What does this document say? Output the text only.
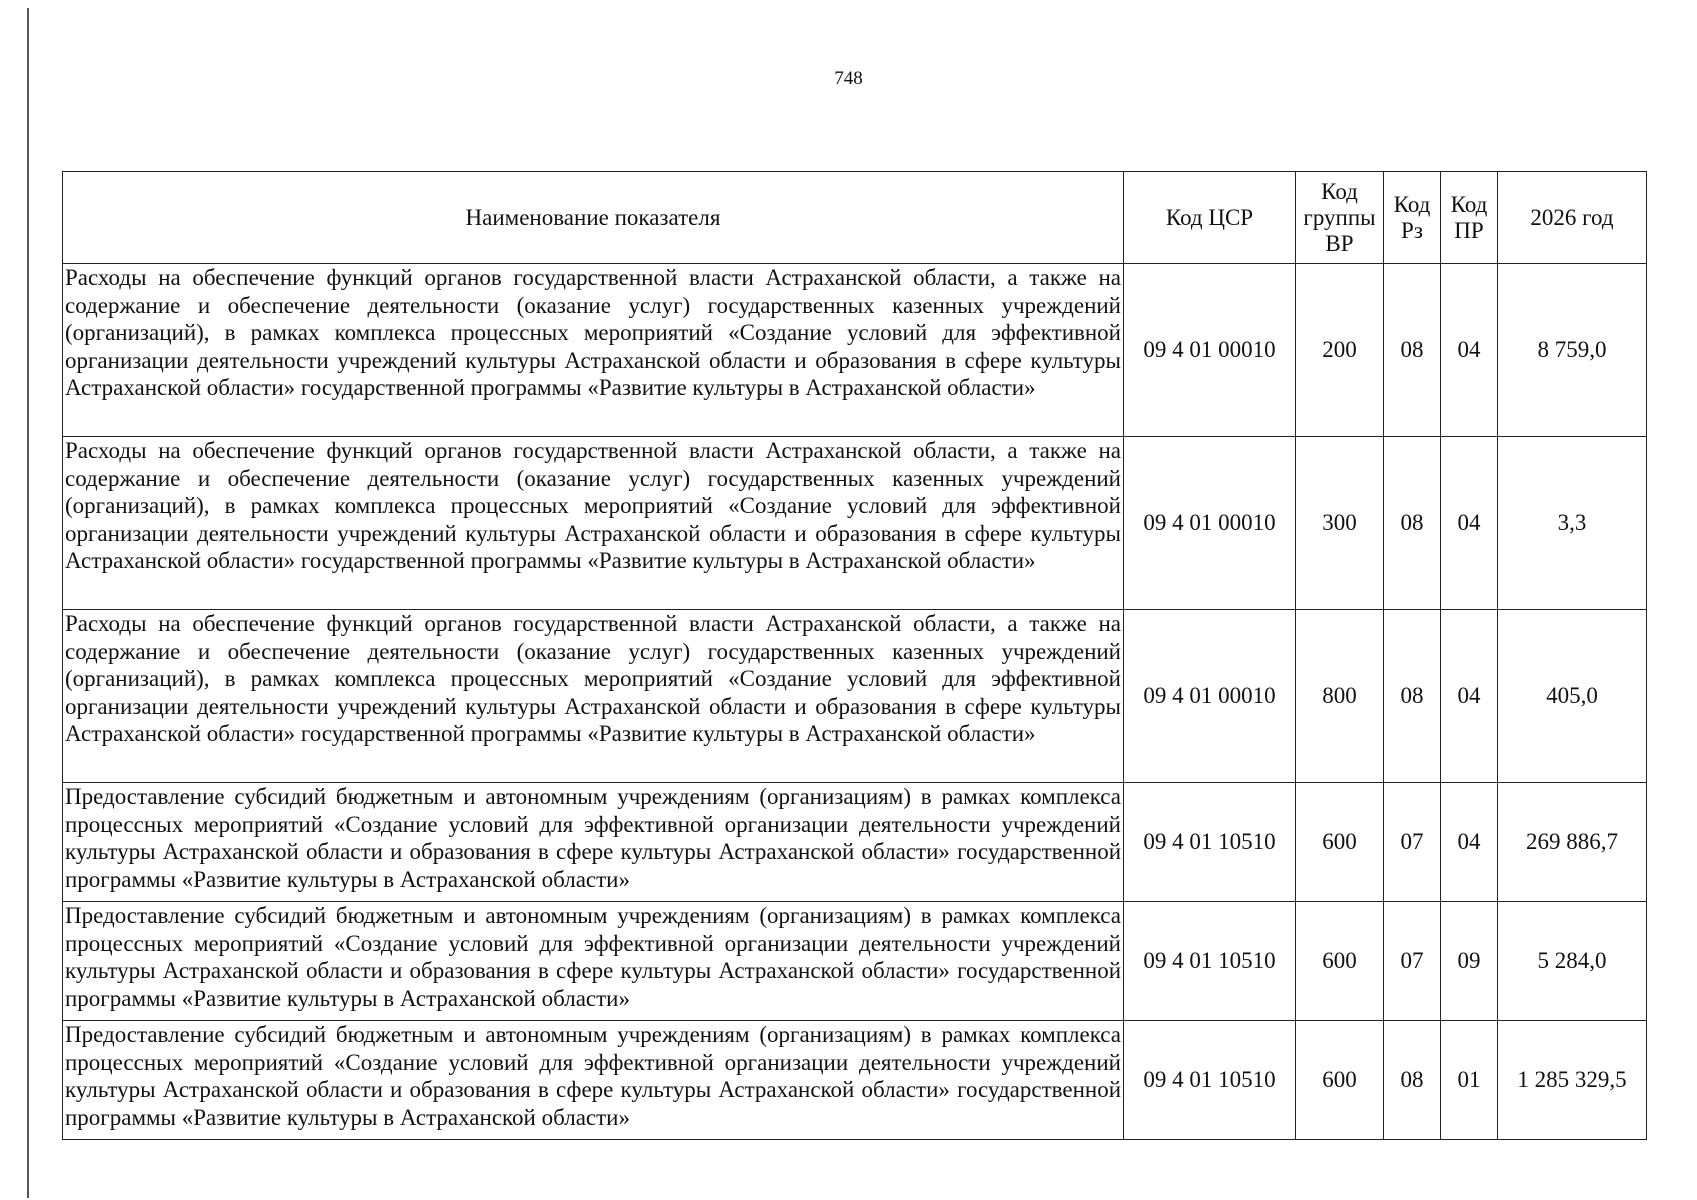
748
Наименование показателя	Код ЦСР	Код группы ВР	Код Рз	Код ПР	2026 год
Расходы на обеспечение функций органов государственной власти Астраханской области, а также на содержание и обеспечение деятельности (оказание услуг) государственных казенных учреждений (организаций), в рамках комплекса процессных мероприятий «Создание условий для эффективной организации деятельности учреждений культуры Астраханской области и образования в сфере культуры Астраханской области» государственной программы «Развитие культуры в Астраханской области»	09 4 01 00010	200	08	04	8 759,0
Расходы на обеспечение функций органов государственной власти Астраханской области, а также на содержание и обеспечение деятельности (оказание услуг) государственных казенных учреждений (организаций), в рамках комплекса процессных мероприятий «Создание условий для эффективной организации деятельности учреждений культуры Астраханской области и образования в сфере культуры Астраханской области» государственной программы «Развитие культуры в Астраханской области»	09 4 01 00010	300	08	04	3,3
Расходы на обеспечение функций органов государственной власти Астраханской области, а также на содержание и обеспечение деятельности (оказание услуг) государственных казенных учреждений (организаций), в рамках комплекса процессных мероприятий «Создание условий для эффективной организации деятельности учреждений культуры Астраханской области и образования в сфере культуры Астраханской области» государственной программы «Развитие культуры в Астраханской области»	09 4 01 00010	800	08	04	405,0
Предоставление субсидий бюджетным и автономным учреждениям (организациям) в рамках комплекса процессных мероприятий «Создание условий для эффективной организации деятельности учреждений культуры Астраханской области и образования в сфере культуры Астраханской области» государственной программы «Развитие культуры в Астраханской области»	09 4 01 10510	600	07	04	269 886,7
Предоставление субсидий бюджетным и автономным учреждениям (организациям) в рамках комплекса процессных мероприятий «Создание условий для эффективной организации деятельности учреждений культуры Астраханской области и образования в сфере культуры Астраханской области» государственной программы «Развитие культуры в Астраханской области»	09 4 01 10510	600	07	09	5 284,0
Предоставление субсидий бюджетным и автономным учреждениям (организациям) в рамках комплекса процессных мероприятий «Создание условий для эффективной организации деятельности учреждений культуры Астраханской области и образования в сфере культуры Астраханской области» государственной программы «Развитие культуры в Астраханской области»	09 4 01 10510	600	08	01	1 285 329,5
